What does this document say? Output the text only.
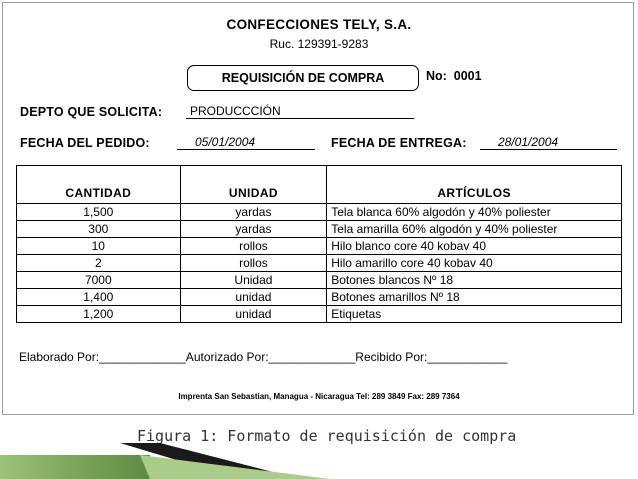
CONFECCIONES TELY, S.A.
Ruc. 129391-9283
REQUISICIÓN DE COMPRA	No: 0001
DEPTO QUE SOLICITA:	PRODUCCCIÓN
FECHA DEL PEDIDO:	05/01/2004	FECHA DE ENTREGA:	28/01/2004
CANTIDAD	UNIDAD	ARTÍCULOS
1,500	yardas	Tela blanca 60% algodón y 40% poliester
300	yardas	Tela amarilla 60% algodón y 40% poliester
10	rollos	Hilo blanco core 40 kobav 40
2	rollos	Hilo amarillo core 40 kobav 40
7000	Unidad	Botones blancos Nº 18
1,400	unidad	Botones amarillos Nº 18
1,200	unidad	Etiquetas
Elaborado Por:_____________Autorizado Por:_____________Recibido Por:____________
Imprenta San Sebastian, Managua - Nicaragua Tel: 289 3849 Fax: 289 7364
Figura 1: Formato de requisición de compra
